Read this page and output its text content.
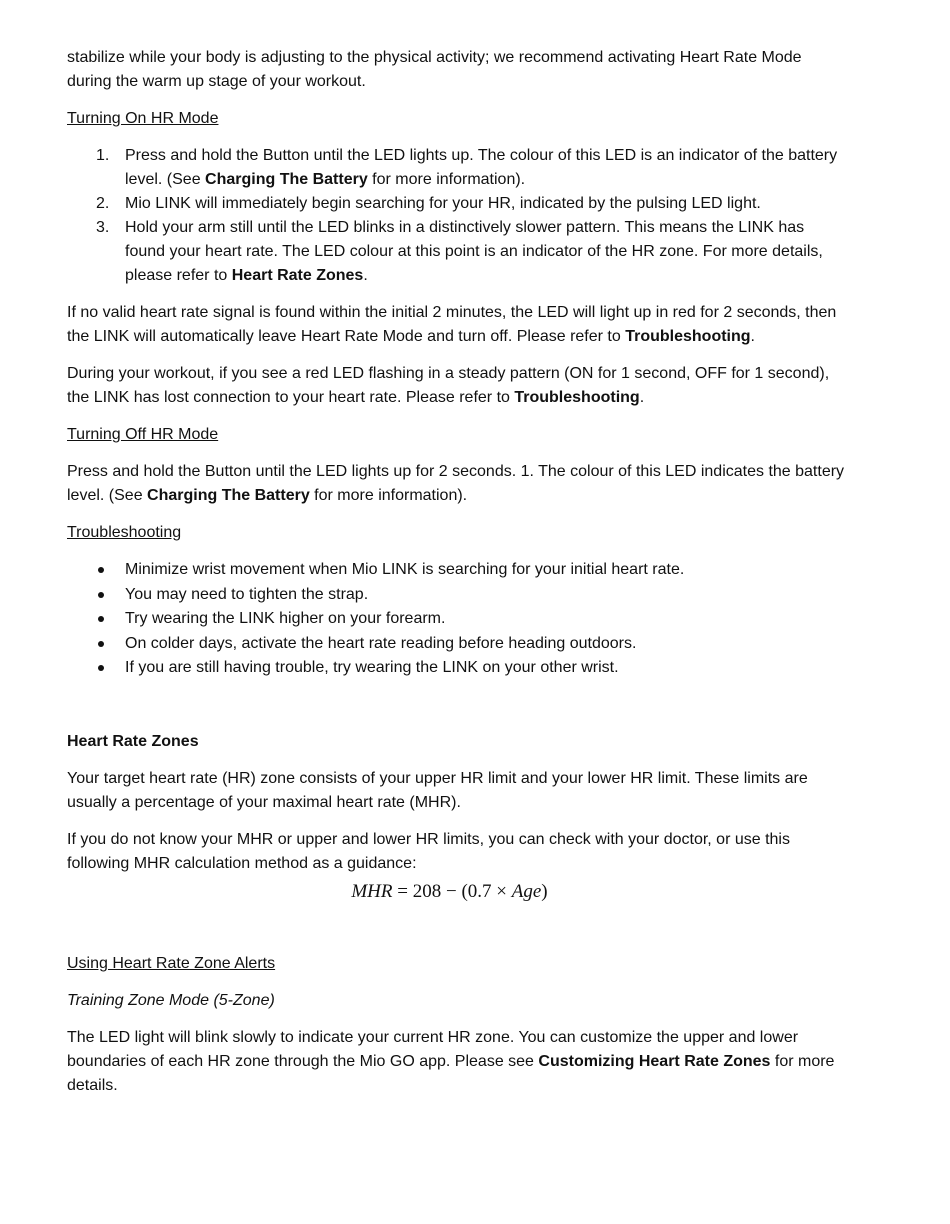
stabilize while your body is adjusting to the physical activity; we recommend activating Heart Rate Mode during the warm up stage of your workout.

Turning On HR Mode
1. Press and hold the Button until the LED lights up. The colour of this LED is an indicator of the battery level. (See Charging The Battery for more information).
2. Mio LINK will immediately begin searching for your HR, indicated by the pulsing LED light.
3. Hold your arm still until the LED blinks in a distinctively slower pattern. This means the LINK has found your heart rate. The LED colour at this point is an indicator of the HR zone. For more details, please refer to Heart Rate Zones.

If no valid heart rate signal is found within the initial 2 minutes, the LED will light up in red for 2 seconds, then the LINK will automatically leave Heart Rate Mode and turn off. Please refer to Troubleshooting.

During your workout, if you see a red LED flashing in a steady pattern (ON for 1 second, OFF for 1 second), the LINK has lost connection to your heart rate. Please refer to Troubleshooting.

Turning Off HR Mode

Press and hold the Button until the LED lights up for 2 seconds. 1. The colour of this LED indicates the battery level. (See Charging The Battery for more information).

Troubleshooting
Minimize wrist movement when Mio LINK is searching for your initial heart rate.
You may need to tighten the strap.
Try wearing the LINK higher on your forearm.
On colder days, activate the heart rate reading before heading outdoors.
If you are still having trouble, try wearing the LINK on your other wrist.
Heart Rate Zones

Your target heart rate (HR) zone consists of your upper HR limit and your lower HR limit. These limits are usually a percentage of your maximal heart rate (MHR).

If you do not know your MHR or upper and lower HR limits, you can check with your doctor, or use this following MHR calculation method as a guidance:

MHR = 208 − (0.7 × Age)
Using Heart Rate Zone Alerts
Training Zone Mode (5-Zone)

The LED light will blink slowly to indicate your current HR zone. You can customize the upper and lower boundaries of each HR zone through the Mio GO app. Please see Customizing Heart Rate Zones for more details.
